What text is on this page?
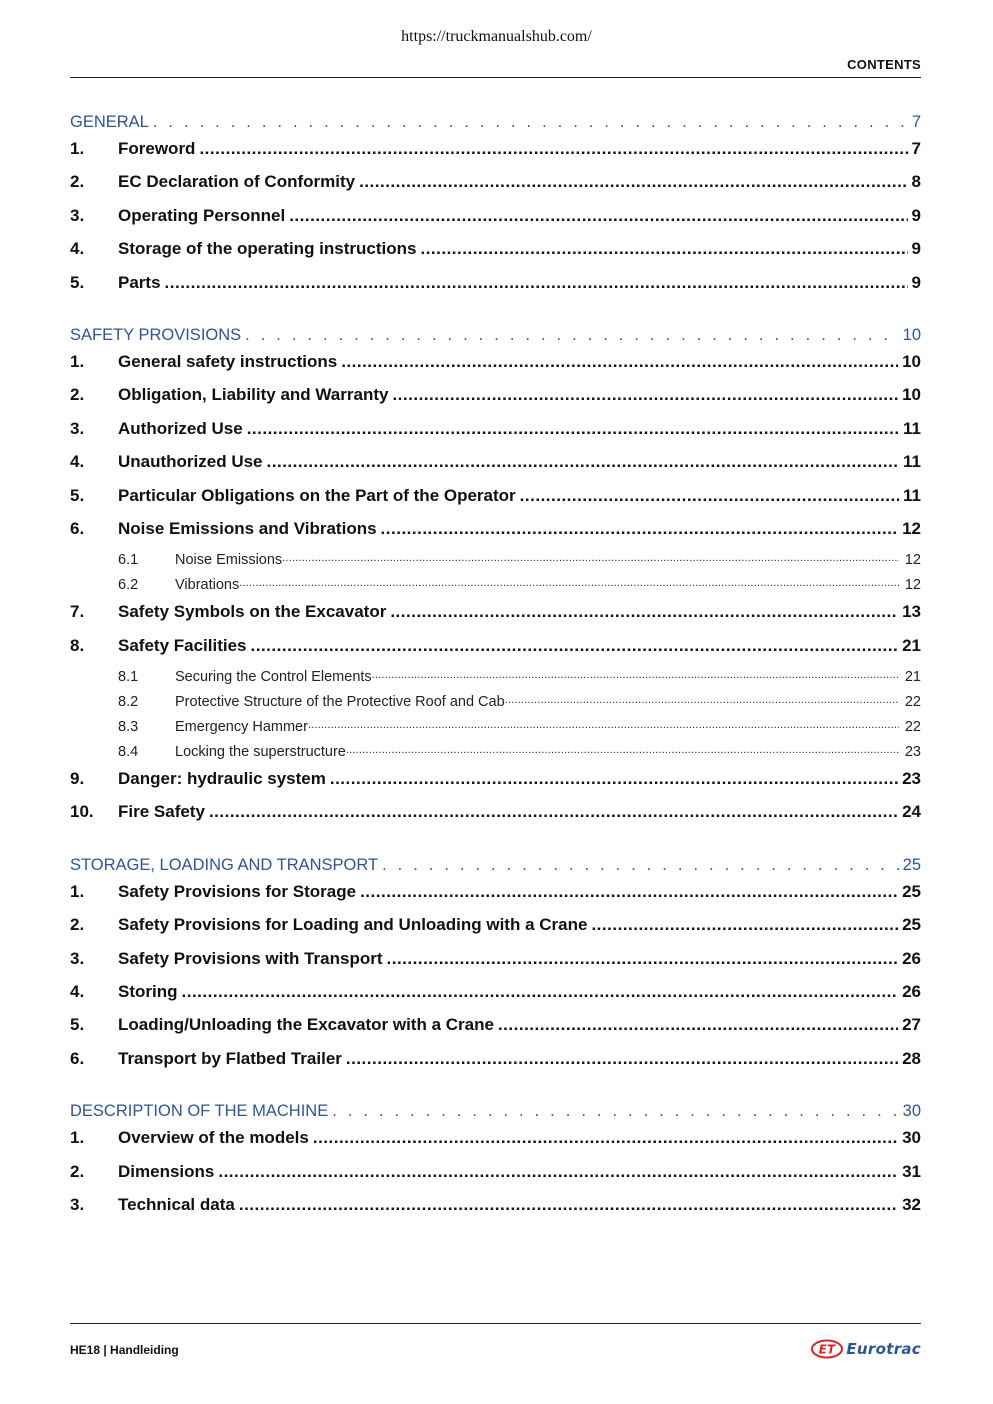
https://truckmanualshub.com/
CONTENTS
GENERAL . . .	7
1.	Foreword .....	7
2.	EC Declaration of Conformity .....	8
3.	Operating Personnel .....	9
4.	Storage of the operating instructions .....	9
5.	Parts .....	9
SAFETY PROVISIONS . . .	10
1.	General safety instructions .....	10
2.	Obligation, Liability and Warranty .....	10
3.	Authorized Use .....	11
4.	Unauthorized Use .....	11
5.	Particular Obligations on the Part of the Operator .....	11
6.	Noise Emissions and Vibrations .....	12
6.1	Noise Emissions .....	12
6.2	Vibrations .....	12
7.	Safety Symbols on the Excavator .....	13
8.	Safety Facilities .....	21
8.1	Securing the Control Elements .....	21
8.2	Protective Structure of the Protective Roof and Cab .....	22
8.3	Emergency Hammer .....	22
8.4	Locking the superstructure .....	23
9.	Danger: hydraulic system .....	23
10.	Fire Safety .....	24
STORAGE, LOADING AND TRANSPORT . . .	25
1.	Safety Provisions for Storage .....	25
2.	Safety Provisions for Loading and Unloading with a Crane .....	25
3.	Safety Provisions with Transport .....	26
4.	Storing .....	26
5.	Loading/Unloading the Excavator with a Crane .....	27
6.	Transport by Flatbed Trailer .....	28
DESCRIPTION OF THE MACHINE . . .	30
1.	Overview of the models .....	30
2.	Dimensions .....	31
3.	Technical data .....	32
HE18 | Handleiding	ET Eurotrac
